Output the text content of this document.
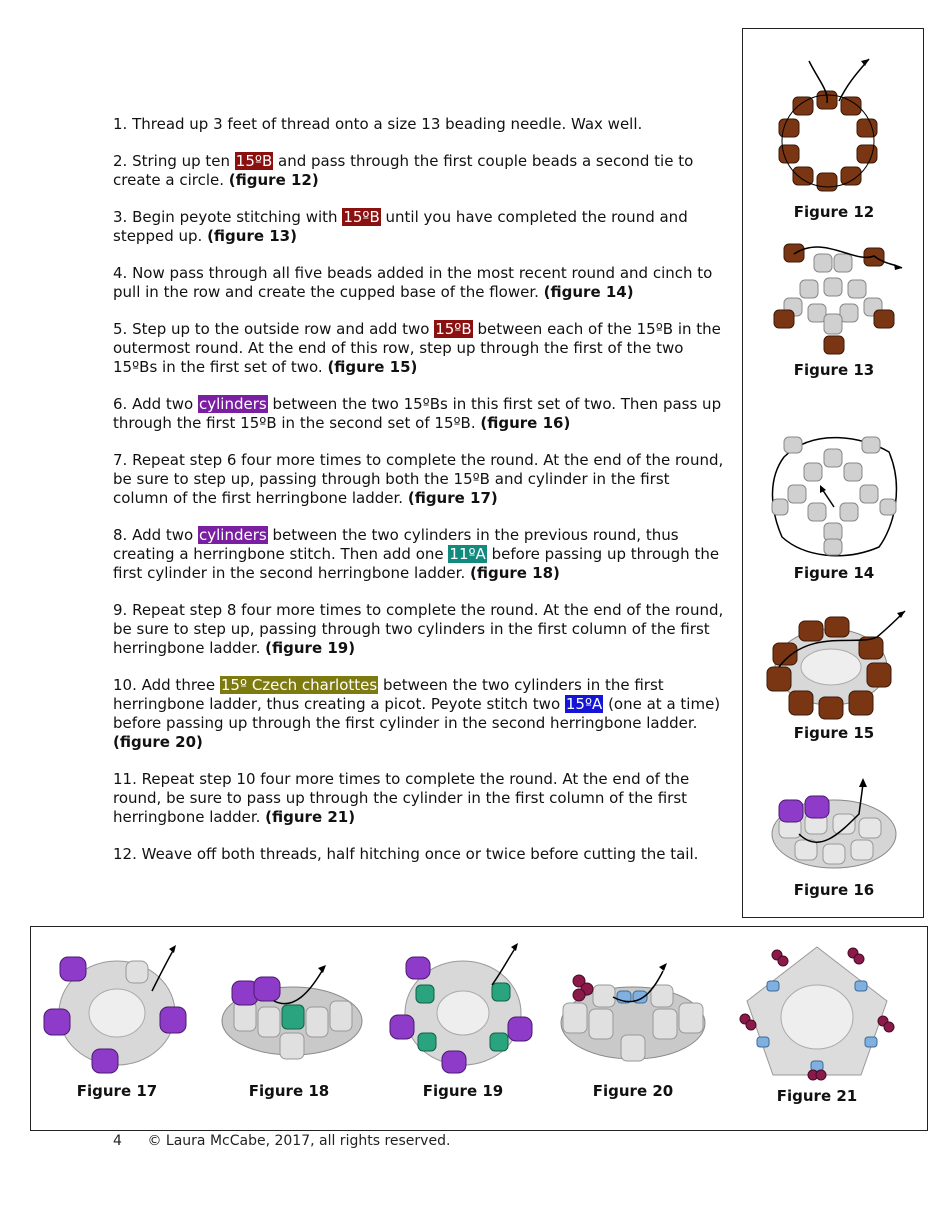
1. Thread up 3 feet of thread onto a size 13 beading needle. Wax well.
2. String up ten 15ºB and pass through the first couple beads a second tie to create a circle. (figure 12)
3. Begin peyote stitching with 15ºB until you have completed the round and stepped up. (figure 13)
4. Now pass through all five beads added in the most recent round and cinch to pull in the row and create the cupped base of the flower. (figure 14)
5. Step up to the outside row and add two 15ºB between each of the 15ºB in the outermost round. At the end of this row, step up through the first of the two 15ºBs in the first set of two. (figure 15)
6. Add two cylinders between the two 15ºBs in this first set of two. Then pass up through the first 15ºB in the second set of 15ºB. (figure 16)
7. Repeat step 6 four more times to complete the round. At the end of the round, be sure to step up, passing through both the 15ºB and cylinder in the first column of the first herringbone ladder. (figure 17)
8. Add two cylinders between the two cylinders in the previous round, thus creating a herringbone stitch. Then add one 11ºA before passing up through the first cylinder in the second herringbone ladder. (figure 18)
9. Repeat step 8 four more times to complete the round. At the end of the round, be sure to step up, passing through two cylinders in the first column of the first herringbone ladder. (figure 19)
10. Add three 15º Czech charlottes between the two cylinders in the first herringbone ladder, thus creating a picot. Peyote stitch two 15ºA (one at a time) before passing up through the first cylinder in the second herringbone ladder. (figure 20)
11. Repeat step 10 four more times to complete the round. At the end of the round, be sure to pass up through the cylinder in the first column of the first herringbone ladder. (figure 21)
12. Weave off both threads, half hitching once or twice before cutting the tail.
Figure 12
Figure 13
Figure 14
Figure 15
Figure 16
Figure 17	Figure 18	Figure 19	Figure 20	Figure 21
4 © Laura McCabe, 2017, all rights reserved.
